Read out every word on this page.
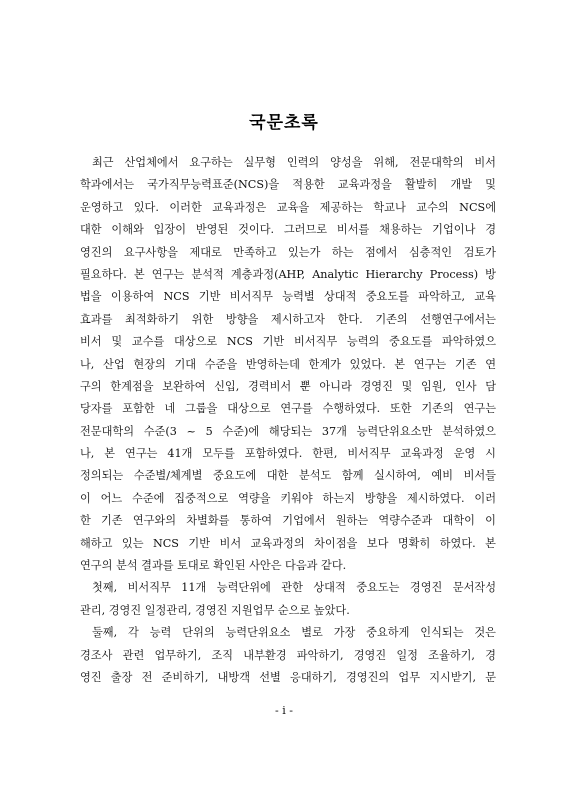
국문초록
최근 산업체에서 요구하는 실무형 인력의 양성을 위해, 전문대학의 비서
학과에서는 국가직무능력표준(NCS)을 적용한 교육과정을 활발히 개발 및
운영하고 있다. 이러한 교육과정은 교육을 제공하는 학교나 교수의 NCS에
대한 이해와 입장이 반영된 것이다. 그러므로 비서를 채용하는 기업이나 경
영진의 요구사항을 제대로 만족하고 있는가 하는 점에서 심층적인 검토가
필요하다. 본 연구는 분석적 계층과정(AHP, Analytic Hierarchy Process) 방
법을 이용하여 NCS 기반 비서직무 능력별 상대적 중요도를 파악하고, 교육
효과를 최적화하기 위한 방향을 제시하고자 한다. 기존의 선행연구에서는
비서 및 교수를 대상으로 NCS 기반 비서직무 능력의 중요도를 파악하였으
나, 산업 현장의 기대 수준을 반영하는데 한계가 있었다. 본 연구는 기존 연
구의 한계점을 보완하여 신입, 경력비서 뿐 아니라 경영진 및 임원, 인사 담
당자를 포함한 네 그룹을 대상으로 연구를 수행하였다. 또한 기존의 연구는
전문대학의 수준(3 ~ 5 수준)에 해당되는 37개 능력단위요소만 분석하였으
나, 본 연구는 41개 모두를 포함하였다. 한편, 비서직무 교육과정 운영 시
정의되는 수준별/체계별 중요도에 대한 분석도 함께 실시하여, 예비 비서들
이 어느 수준에 집중적으로 역량을 키워야 하는지 방향을 제시하였다. 이러
한 기존 연구와의 차별화를 통하여 기업에서 원하는 역량수준과 대학이 이
해하고 있는 NCS 기반 비서 교육과정의 차이점을 보다 명확히 하였다. 본
연구의 분석 결과를 토대로 확인된 사안은 다음과 같다.
첫째, 비서직무 11개 능력단위에 관한 상대적 중요도는 경영진 문서작성
관리, 경영진 일정관리, 경영진 지원업무 순으로 높았다.
둘째, 각 능력 단위의 능력단위요소 별로 가장 중요하게 인식되는 것은
경조사 관련 업무하기, 조직 내부환경 파악하기, 경영진 일정 조율하기, 경
영진 출장 전 준비하기, 내방객 선별 응대하기, 경영진의 업무 지시받기, 문
- i -
